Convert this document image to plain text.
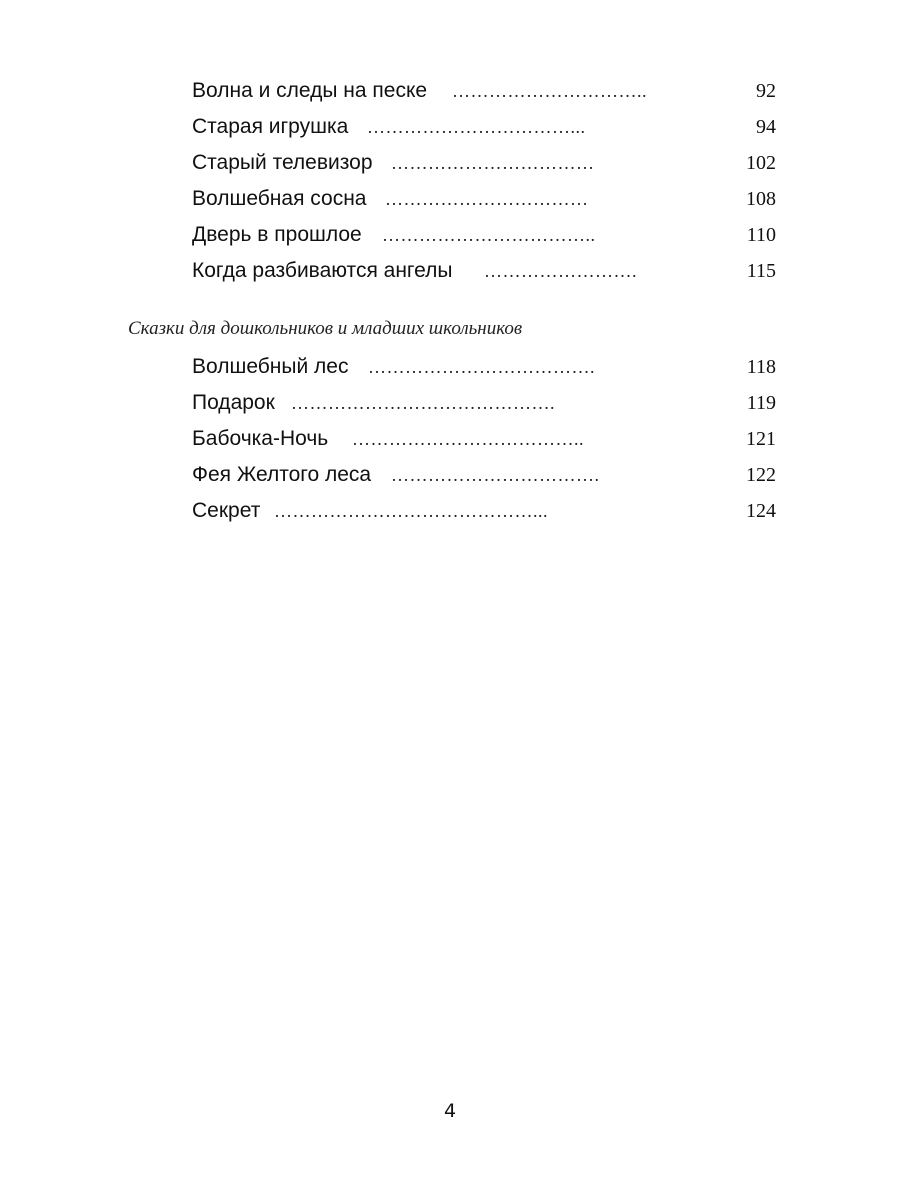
Волна и следы на песке …………………………..	92
Старая игрушка ……………………………...	94
Старый телевизор ……………………………	102
Волшебная сосна ……………………………	108
Дверь в прошлое ……………………………..	110
Когда разбиваются ангелы …………………….	115
Сказки для дошкольников и младших школьников
Волшебный лес ……………………………….	118
Подарок …………………………………….	119
Бабочка-Ночь ………………………………..	121
Фея Желтого леса …………………………….	122
Секрет ……………………………………...	124
4
